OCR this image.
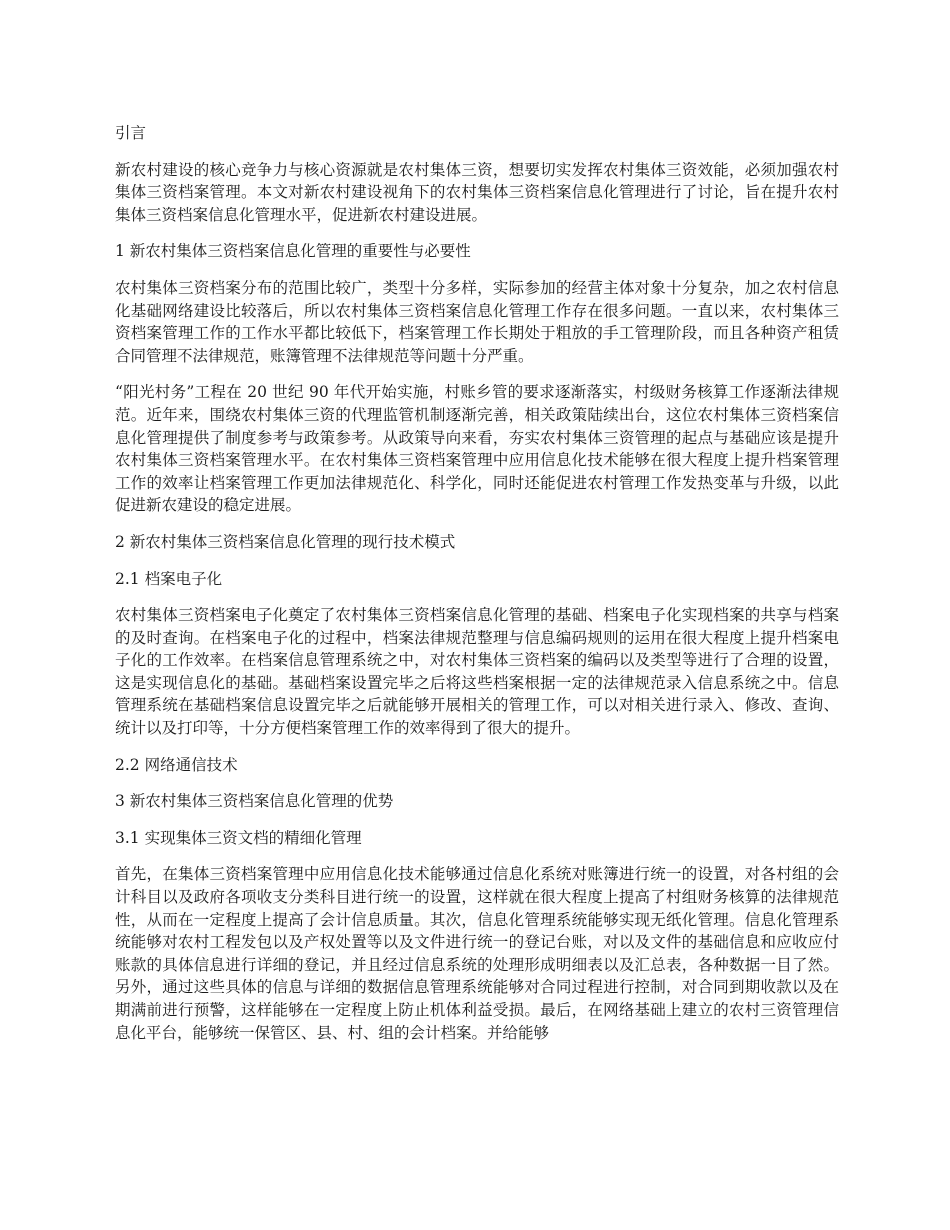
引言

新农村建设的核心竞争力与核心资源就是农村集体三资，想要切实发挥农村集体三资效能，必须加强农村集体三资档案管理。本文对新农村建设视角下的农村集体三资档案信息化管理进行了讨论，旨在提升农村集体三资档案信息化管理水平，促进新农村建设进展。

1 新农村集体三资档案信息化管理的重要性与必要性

农村集体三资档案分布的范围比较广，类型十分多样，实际参加的经营主体对象十分复杂，加之农村信息化基础网络建设比较落后，所以农村集体三资档案信息化管理工作存在很多问题。一直以来，农村集体三资档案管理工作的工作水平都比较低下，档案管理工作长期处于粗放的手工管理阶段，而且各种资产租赁合同管理不法律规范，账簿管理不法律规范等问题十分严重。

“阳光村务”工程在 20 世纪 90 年代开始实施，村账乡管的要求逐渐落实，村级财务核算工作逐渐法律规范。近年来，围绕农村集体三资的代理监管机制逐渐完善，相关政策陆续出台，这位农村集体三资档案信息化管理提供了制度参考与政策参考。从政策导向来看，夯实农村集体三资管理的起点与基础应该是提升农村集体三资档案管理水平。在农村集体三资档案管理中应用信息化技术能够在很大程度上提升档案管理工作的效率让档案管理工作更加法律规范化、科学化，同时还能促进农村管理工作发热变革与升级，以此促进新农建设的稳定进展。

2 新农村集体三资档案信息化管理的现行技术模式
2.1 档案电子化

农村集体三资档案电子化奠定了农村集体三资档案信息化管理的基础、档案电子化实现档案的共享与档案的及时查询。在档案电子化的过程中，档案法律规范整理与信息编码规则的运用在很大程度上提升档案电子化的工作效率。在档案信息管理系统之中，对农村集体三资档案的编码以及类型等进行了合理的设置，这是实现信息化的基础。基础档案设置完毕之后将这些档案根据一定的法律规范录入信息系统之中。信息管理系统在基础档案信息设置完毕之后就能够开展相关的管理工作，可以对相关进行录入、修改、查询、统计以及打印等，十分方便档案管理工作的效率得到了很大的提升。

2.2 网络通信技术
3 新农村集体三资档案信息化管理的优势
3.1 实现集体三资文档的精细化管理

首先，在集体三资档案管理中应用信息化技术能够通过信息化系统对账簿进行统一的设置，对各村组的会计科目以及政府各项收支分类科目进行统一的设置，这样就在很大程度上提高了村组财务核算的法律规范性，从而在一定程度上提高了会计信息质量。其次，信息化管理系统能够实现无纸化管理。信息化管理系统能够对农村工程发包以及产权处置等以及文件进行统一的登记台账，对以及文件的基础信息和应收应付账款的具体信息进行详细的登记，并且经过信息系统的处理形成明细表以及汇总表，各种数据一目了然。另外，通过这些具体的信息与详细的数据信息管理系统能够对合同过程进行控制，对合同到期收款以及在期满前进行预警，这样能够在一定程度上防止机体利益受损。最后，在网络基础上建立的农村三资管理信息化平台，能够统一保管区、县、村、组的会计档案。并给能够
